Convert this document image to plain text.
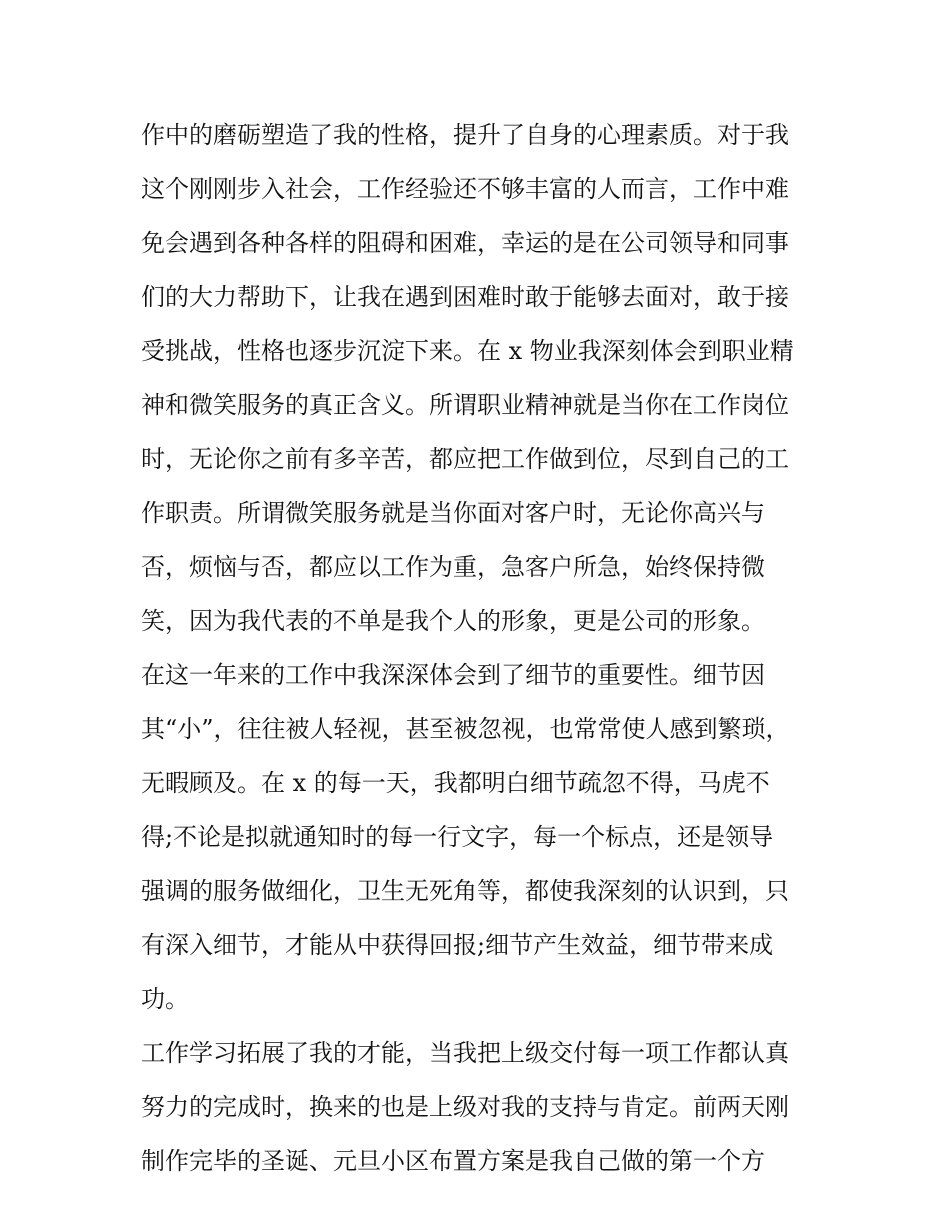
作中的磨砺塑造了我的性格，提升了自身的心理素质。对于我
这个刚刚步入社会，工作经验还不够丰富的人而言，工作中难
免会遇到各种各样的阻碍和困难，幸运的是在公司领导和同事
们的大力帮助下，让我在遇到困难时敢于能够去面对，敢于接
受挑战，性格也逐步沉淀下来。在 x 物业我深刻体会到职业精
神和微笑服务的真正含义。所谓职业精神就是当你在工作岗位
时，无论你之前有多辛苦，都应把工作做到位，尽到自己的工
作职责。所谓微笑服务就是当你面对客户时，无论你高兴与
否，烦恼与否，都应以工作为重，急客户所急，始终保持微
笑，因为我代表的不单是我个人的形象，更是公司的形象。
在这一年来的工作中我深深体会到了细节的重要性。细节因
其“小”，往往被人轻视，甚至被忽视，也常常使人感到繁琐，
无暇顾及。在 x 的每一天，我都明白细节疏忽不得，马虎不
得;不论是拟就通知时的每一行文字，每一个标点，还是领导
强调的服务做细化，卫生无死角等，都使我深刻的认识到，只
有深入细节，才能从中获得回报;细节产生效益，细节带来成
功。
工作学习拓展了我的才能，当我把上级交付每一项工作都认真
努力的完成时，换来的也是上级对我的支持与肯定。前两天刚
制作完毕的圣诞、元旦小区布置方案是我自己做的第一个方
